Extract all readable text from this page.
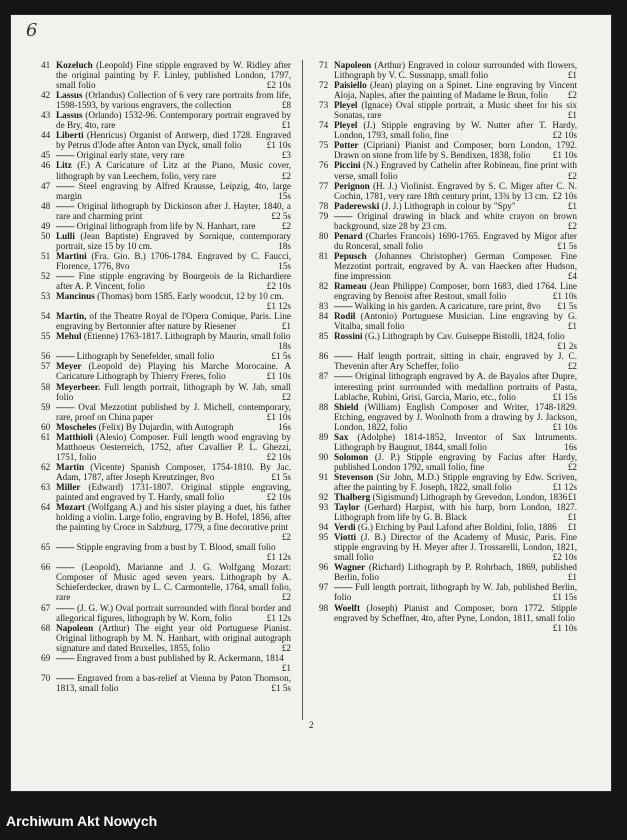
6

41 Kozeluch (Leopold) Fine stipple engraved by W. Ridley after the original painting by F. Linley, published London, 1797, small folio	£2 10s

42 Lassus (Orlandus) Collection of 6 very rare portraits from life, 1598-1593, by various engravers, the collection	£8

43 Lassus (Orlando) 1532-96. Contemporary portrait engraved by de Bry, 4to, rare	£1

44 Liberti (Henricus) Organist of Antwerp, died 1728. Engraved by Petrus d'Jode after Anton van Dyck, small folio	£1 10s

45 —— Original early state, very rare	£3

46 Litz (F.) A Caricature of Litz at the Piano, Music cover, lithograph by van Leechem, folio, very rare	£2

47 —— Steel engraving by Alfred Krausse, Leipzig, 4to, large margin	15s

48 —— Original lithograph by Dickinson after J. Hayter, 1840, a rare and charming print	£2 5s

49 —— Original lithograph from life by N. Hanhart, rare	£2

50 Lulli (Jean Baptiste) Engraved by Sornique, contemporary portrait, size 15 by 10 cm.	18s

51 Martini (Fra. Gio. B.) 1706-1784. Engraved by C. Faucci, Florence, 1776, 8vo	15s

52 —— Fine stipple engraving by Bourgeois de la Richardiere after A. P. Vincent, folio	£2 10s

53 Mancinus (Thomas) born 1585. Early woodcut, 12 by 10 cm.
£1 12s

54 Martin, of the Theatre Royal de l'Opera Comique, Paris. Line engraving by Bertonnier after nature by Riesener	£1

55 Mehul (Etienne) 1763-1817. Lithograph by Maurin, small folio
18s

56 —— Lithograph by Senefelder, small folio	£1 5s

57 Meyer (Leopold de) Playing his Marche Morocaine. A Caricature Lithograph by Thierry Freres, folio	£1 10s

58 Meyerbeer. Full length portrait, lithograph by W. Jab, small folio	£2

59 —— Oval Mezzotint published by J. Michell, contemporary, rare, proof on China paper	£1 10s

60 Moscheles (Felix) By Dujardin, with Autograph	16s

61 Matthioli (Alesio) Composer. Full length wood engraving by Matthoeus Oesterreich, 1752, after Cavallier P. L. Ghezzi, 1751, folio	£2 10s

62 Martin (Vicente) Spanish Composer, 1754-1810. By Jac. Adam, 1787, after Joseph Kreutzinger, 8vo	£1 5s

63 Miller (Edward) 1731-1807. Original stipple engraving, painted and engraved by T. Hardy, small folio	£2 10s

64 Mozart (Wolfgang A.) and his sister playing a duet, his father holding a violin. Large folio, engraving by B. Hofel, 1856, after the painting by Croce in Salzburg, 1779, a fine decorative print
£2

65 —— Stipple engraving from a bust by T. Blood, small folio
£1 12s

66 —— (Leopold), Marianne and J. G. Wolfgang Mozart: Composer of Music aged seven years. Lithograph by A. Schieferdecker, drawn by L. C. Carmontelle, 1764, small folio, rare	£2

67 —— (J. G. W.) Oval portrait surrounded with floral border and allegorical figures, lithograph by W. Korn, folio	£1 12s

68 Napoleon (Arthur) The eight year old Portuguese Pianist. Original lithograph by M. N. Hanhart, with original autograph signature and dated Bruxelles, 1855, folio	£2

69 —— Engraved from a bust published by R. Ackermann, 1814
£1

70 —— Engraved from a bas-relief at Vienna by Paton Thomson, 1813, small folio	£1 5s

71 Napoleon (Arthur) Engraved in colour surrounded with flowers, Lithograph by V. C. Sussnapp, small folio	£1

72 Paisiello (Jean) playing on a Spinet. Line engraving by Vincent Aloja, Naples, after the painting of Madame le Brun, folio £2

73 Pleyel (Ignace) Oval stipple portrait, a Music sheet for his six Sonatas, rare	£1

74 Pleyel (J.) Stipple engraving by W. Nutter after T. Hardy, London, 1793, small folio, fine	£2 10s

75 Potter (Cipriani) Pianist and Composer, born London, 1792. Drawn on stone from life by S. Bendixen, 1838, folio £1 10s

76 Piccini (N.) Engraved by Cathelin after Robineau, fine print with verse, small folio	£2

77 Perignon (H. J.) Violinist. Engraved by S. C. Miger after C. N. Cochin, 1781, very rare 18th century print, 13¾ by 13 cm. £2 10s

78 Paderewski (J. J.) Lithograph in colour by "Spy"	£1

79 —— Original drawing in black and white crayon on brown background, size 28 by 23 cm.	£2

80 Penard (Charles Francois) 1690-1765. Engraved by Migor after du Ronceral, small folio	£1 5s

81 Pepusch (Johannes Christopher) German Composer. Fine Mezzotint portrait, engraved by A. van Haecken after Hudson, fine impression	£4

82 Rameau (Jean Philippe) Composer, born 1683, died 1764. Line engraving by Benoist after Restout, small folio	£1 10s

83 —— Walking in his garden. A caricature, rare print, 8vo £1 5s

84 Rodil (Antonio) Portuguese Musician. Line engraving by G. Vitalba, small folio	£1

85 Rossini (G.) Lithograph by Cav. Guiseppe Bistolli, 1824, folio
£1 2s

86 —— Half length portrait, sitting in chair, engraved by J. C. Thevenin after Ary Scheffer, folio	£2

87 —— Original lithograph engraved by A. de Bayalos after Dupre, interesting print surrounded with medallion portraits of Pasta, Lablache, Rubini, Grisi, Garcia, Mario, etc., folio	£1 15s

88 Shield (William) English Composer and Writer, 1748-1829. Etching, engraved by J. Woolnoth from a drawing by J. Jackson, London, 1822, folio	£1 10s

89 Sax (Adolphe) 1814-1852, Inventor of Sax Intruments. Lithograph by Baugnut, 1844, small folio	16s

90 Solomon (J. P.) Stipple engraving by Facius after Hardy, published London 1792, small folio, fine	£2

91 Stevenson (Sir John, M.D.) Stipple engraving by Edw. Scriven, after the painting by F. Joseph, 1822, small folio	£1 12s

92 Thalberg (Sigismund) Lithograph by Grevedon, London, 1836 £1

93 Taylor (Gerhard) Harpist, with his harp, born London, 1827. Lithograph from life by G. B. Black	£1

94 Verdi (G.) Etching by Paul Lafond after Boldini, folio, 1886 £1

95 Viotti (J. B.) Director of the Academy of Music, Paris. Fine stipple engraving by H. Meyer after J. Trossarelli, London, 1821, small folio	£2 10s

96 Wagner (Richard) Lithograph by P. Rohrbach, 1869, published Berlin, folio	£1

97 —— Full length portrait, lithograph by W. Jab, published Berlin, folio	£1 15s

98 Woelft (Joseph) Pianist and Composer, born 1772. Stipple engraved by Scheffner, 4to, after Pyne, London, 1811, small folio
£1 10s

2
Archiwum Akt Nowych
